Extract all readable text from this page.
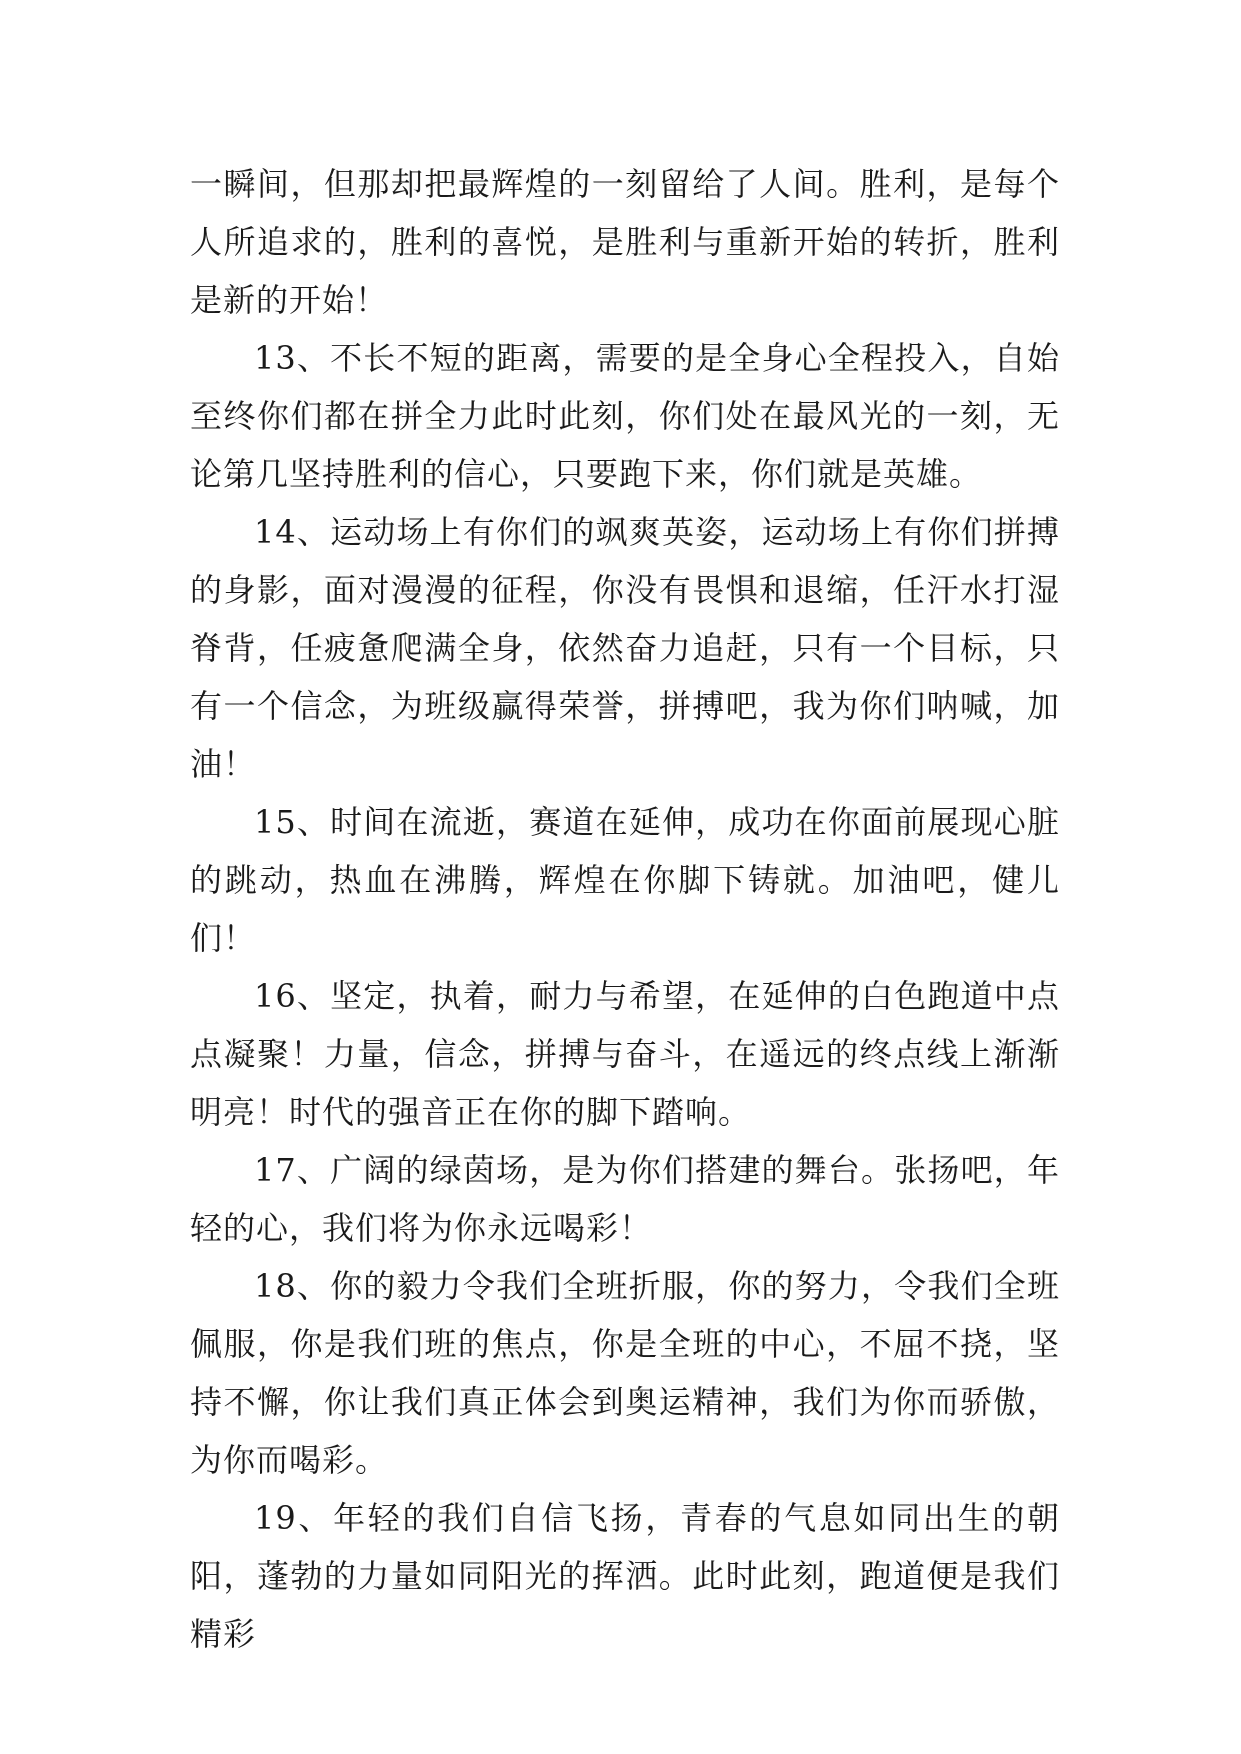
一瞬间，但那却把最辉煌的一刻留给了人间。胜利，是每个人所追求的，胜利的喜悦，是胜利与重新开始的转折，胜利是新的开始！

13、不长不短的距离，需要的是全身心全程投入，自始至终你们都在拼全力此时此刻，你们处在最风光的一刻，无论第几坚持胜利的信心，只要跑下来，你们就是英雄。

14、运动场上有你们的飒爽英姿，运动场上有你们拼搏的身影，面对漫漫的征程，你没有畏惧和退缩，任汗水打湿脊背，任疲惫爬满全身，依然奋力追赶，只有一个目标，只有一个信念，为班级赢得荣誉，拼搏吧，我为你们呐喊，加油！

15、时间在流逝，赛道在延伸，成功在你面前展现心脏的跳动，热血在沸腾，辉煌在你脚下铸就。加油吧，健儿们！

16、坚定，执着，耐力与希望，在延伸的白色跑道中点点凝聚！力量，信念，拼搏与奋斗，在遥远的终点线上渐渐明亮！时代的强音正在你的脚下踏响。

17、广阔的绿茵场，是为你们搭建的舞台。张扬吧，年轻的心，我们将为你永远喝彩！

18、你的毅力令我们全班折服，你的努力，令我们全班佩服，你是我们班的焦点，你是全班的中心，不屈不挠，坚持不懈，你让我们真正体会到奥运精神，我们为你而骄傲，为你而喝彩。

19、年轻的我们自信飞扬，青春的气息如同出生的朝阳，蓬勃的力量如同阳光的挥洒。此时此刻，跑道便是我们精彩
